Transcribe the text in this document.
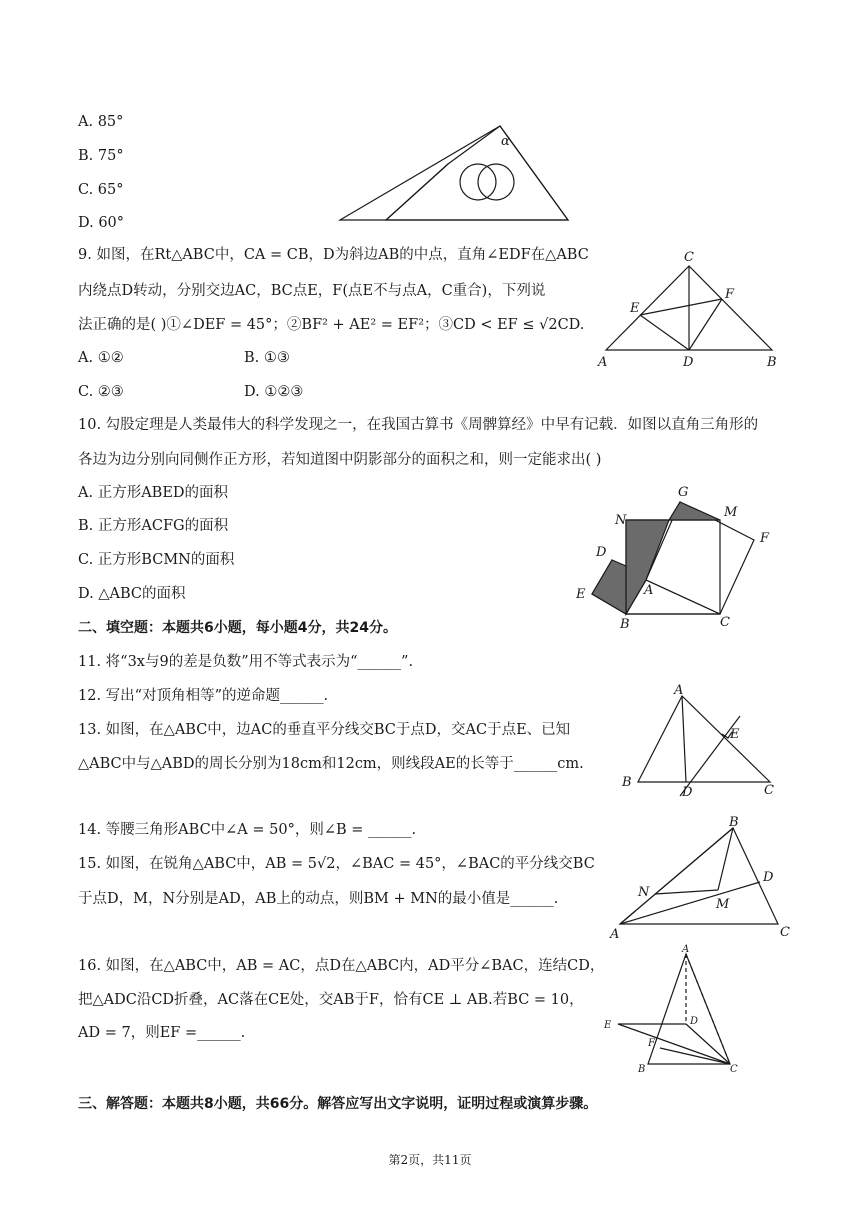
A. 85°
B. 75°
C. 65°
D. 60°
α
9. 如图，在Rt△ABC中，CA = CB，D为斜边AB的中点，直角∠EDF在△ABC
内绕点D转动，分别交边AC，BC点E，F(点E不与点A，C重合)，下列说
法正确的是( )①∠DEF = 45°；②BF² + AE² = EF²；③CD < EF ≤ √2CD.
A. ①②	B. ①③
C. ②③	D. ①②③
C
E
F
A	D	B
10. 勾股定理是人类最伟大的科学发现之一，在我国古算书《周髀算经》中早有记载．如图以直角三角形的
各边为边分别向同侧作正方形，若知道图中阴影部分的面积之和，则一定能求出( )
A. 正方形ABED的面积
B. 正方形ACFG的面积
C. 正方形BCMN的面积
D. △ABC的面积
G
M
N
F
D
A
E
B	C
二、填空题：本题共6小题，每小题4分，共24分。
11. 将“3x与9的差是负数”用不等式表示为“______”.
12. 写出“对顶角相等”的逆命题______.
13. 如图，在△ABC中，边AC的垂直平分线交BC于点D，交AC于点E、已知
△ABC中与△ABD的周长分别为18cm和12cm，则线段AE的长等于______cm.
A
E
B
D	C
14. 等腰三角形ABC中∠A = 50°，则∠B = ______.
15. 如图，在锐角△ABC中，AB = 5√2，∠BAC = 45°，∠BAC的平分线交BC
于点D，M，N分别是AD，AB上的动点，则BM + MN的最小值是______.
B
N
D
M
A	C
16. 如图，在△ABC中，AB = AC，点D在△ABC内，AD平分∠BAC，连结CD，
把△ADC沿CD折叠，AC落在CE处，交AB于F，恰有CE ⊥ AB.若BC = 10，
AD = 7，则EF =______.
A
E	D
F
B	C
三、解答题：本题共8小题，共66分。解答应写出文字说明，证明过程或演算步骤。
第2页，共11页
